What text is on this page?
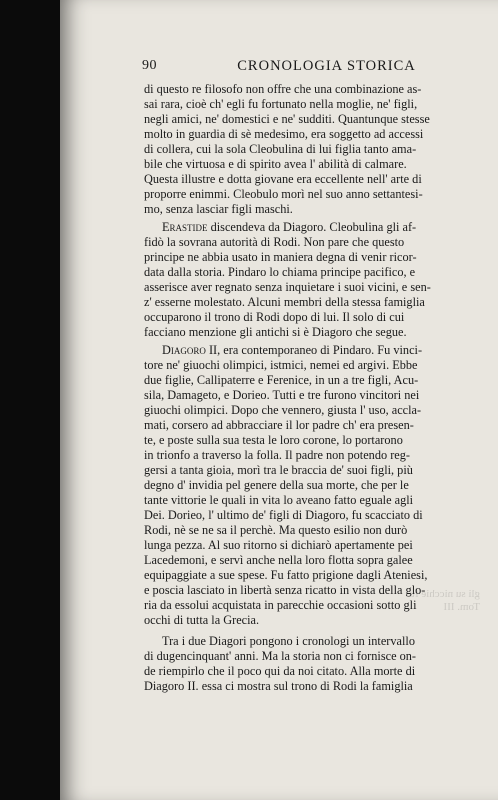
90	CRONOLOGIA STORICA
di questo re filosofo non offre che una combinazione as-
sai rara, cioè ch' egli fu fortunato nella moglie, ne' figli,
negli amici, ne' domestici e ne' sudditi. Quantunque stesse
molto in guardia di sè medesimo, era soggetto ad accessi
di collera, cui la sola Cleobulina di lui figlia tanto ama-
bile che virtuosa e di spirito avea l' abilità di calmare.
Questa illustre e dotta giovane era eccellente nell' arte di
proporre enimmi. Cleobulo morì nel suo anno settantesi-
mo, senza lasciar figli maschi.
Erastide discendeva da Diagoro. Cleobulina gli af-
fidò la sovrana autorità di Rodi. Non pare che questo
principe ne abbia usato in maniera degna di venir ricor-
data dalla storia. Pindaro lo chiama principe pacifico, e
asserisce aver regnato senza inquietare i suoi vicini, e sen-
z' esserne molestato. Alcuni membri della stessa famiglia
occuparono il trono di Rodi dopo di lui. Il solo di cui
facciano menzione gli antichi si è Diagoro che segue.
Diagoro II, era contemporaneo di Pindaro. Fu vinci-
tore ne' giuochi olimpici, istmici, nemei ed argivi. Ebbe
due figlie, Callipaterre e Ferenice, in un a tre figli, Acu-
sila, Damageto, e Dorieo. Tutti e tre furono vincitori nei
giuochi olimpici. Dopo che vennero, giusta l' uso, accla-
mati, corsero ad abbracciare il lor padre ch' era presen-
te, e poste sulla sua testa le loro corone, lo portarono
in trionfo a traverso la folla. Il padre non potendo reg-
gersi a tanta gioia, morì tra le braccia de' suoi figli, più
degno d' invidia pel genere della sua morte, che per le
tante vittorie le quali in vita lo aveano fatto eguale agli
Dei. Dorieo, l' ultimo de' figli di Diagoro, fu scacciato di
Rodi, nè se ne sa il perchè. Ma questo esilio non durò
lunga pezza. Al suo ritorno si dichiarò apertamente pei
Lacedemoni, e servì anche nella loro flotta sopra galee
equipaggiate a sue spese. Fu fatto prigione dagli Ateniesi,
e poscia lasciato in libertà senza ricatto in vista della glo-
ria da essolui acquistata in parecchie occasioni sotto gli
occhi di tutta la Grecia.
Tra i due Diagori pongono i cronologi un intervallo
di dugencinquant' anni. Ma la storia non ci fornisce on-
de riempirlo che il poco qui da noi citato. Alla morte di
Diagoro II. essa ci mostra sul trono di Rodi la famiglia
gli su nicchie fu
Tom. III
